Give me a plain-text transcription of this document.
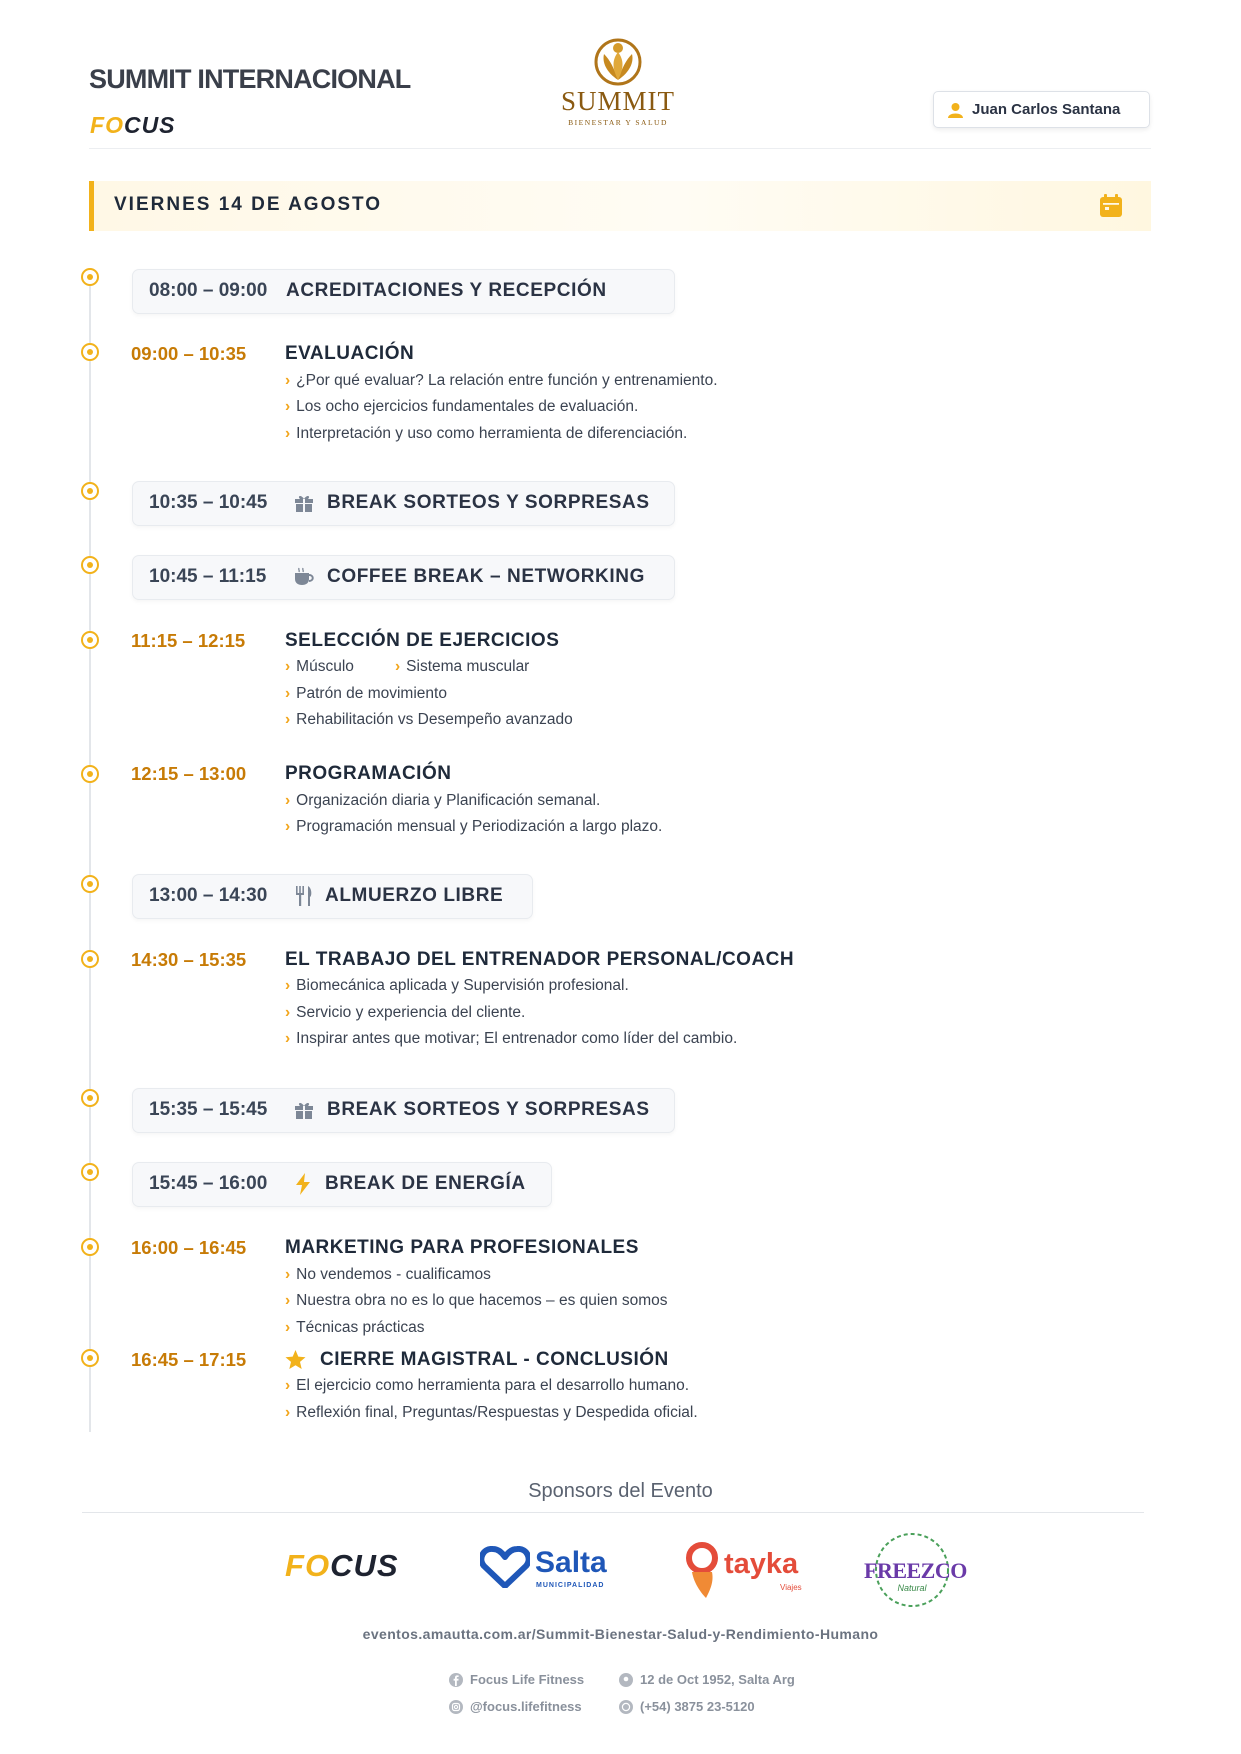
SUMMIT INTERNACIONAL
FOCUS
SUMMIT
BIENESTAR Y SALUD
Juan Carlos Santana
VIERNES 14 DE AGOSTO
08:00 – 09:00 ACREDITACIONES Y RECEPCIÓN
09:00 – 10:35 EVALUACIÓN
› ¿Por qué evaluar? La relación entre función y entrenamiento.
› Los ocho ejercicios fundamentales de evaluación.
› Interpretación y uso como herramienta de diferenciación.
10:35 – 10:45	BREAK SORTEOS Y SORPRESAS
10:45 – 11:15	COFFEE BREAK – NETWORKING
11:15 – 12:15 SELECCIÓN DE EJERCICIOS
› Músculo	› Sistema muscular
› Patrón de movimiento
› Rehabilitación vs Desempeño avanzado
12:15 – 13:00 PROGRAMACIÓN
› Organización diaria y Planificación semanal.
› Programación mensual y Periodización a largo plazo.
13:00 – 14:30	ALMUERZO LIBRE
14:30 – 15:35 EL TRABAJO DEL ENTRENADOR PERSONAL/COACH
› Biomecánica aplicada y Supervisión profesional.
› Servicio y experiencia del cliente.
› Inspirar antes que motivar; El entrenador como líder del cambio.
15:35 – 15:45	BREAK SORTEOS Y SORPRESAS
15:45 – 16:00	BREAK DE ENERGÍA
16:00 – 16:45 MARKETING PARA PROFESIONALES
› No vendemos - cualificamos
› Nuestra obra no es lo que hacemos – es quien somos
› Técnicas prácticas
16:45 – 17:15	CIERRE MAGISTRAL - CONCLUSIÓN
› El ejercicio como herramienta para el desarrollo humano.
› Reflexión final, Preguntas/Respuestas y Despedida oficial.
Sponsors del Evento
FOCUS	Salta
MUNICIPALIDAD
tayka
Viajes
FREEZCO
Natural
eventos.amautta.com.ar/Summit-Bienestar-Salud-y-Rendimiento-Humano
Focus Life Fitness	12 de Oct 1952, Salta Arg
@focus.lifefitness	(+54) 3875 23-5120
